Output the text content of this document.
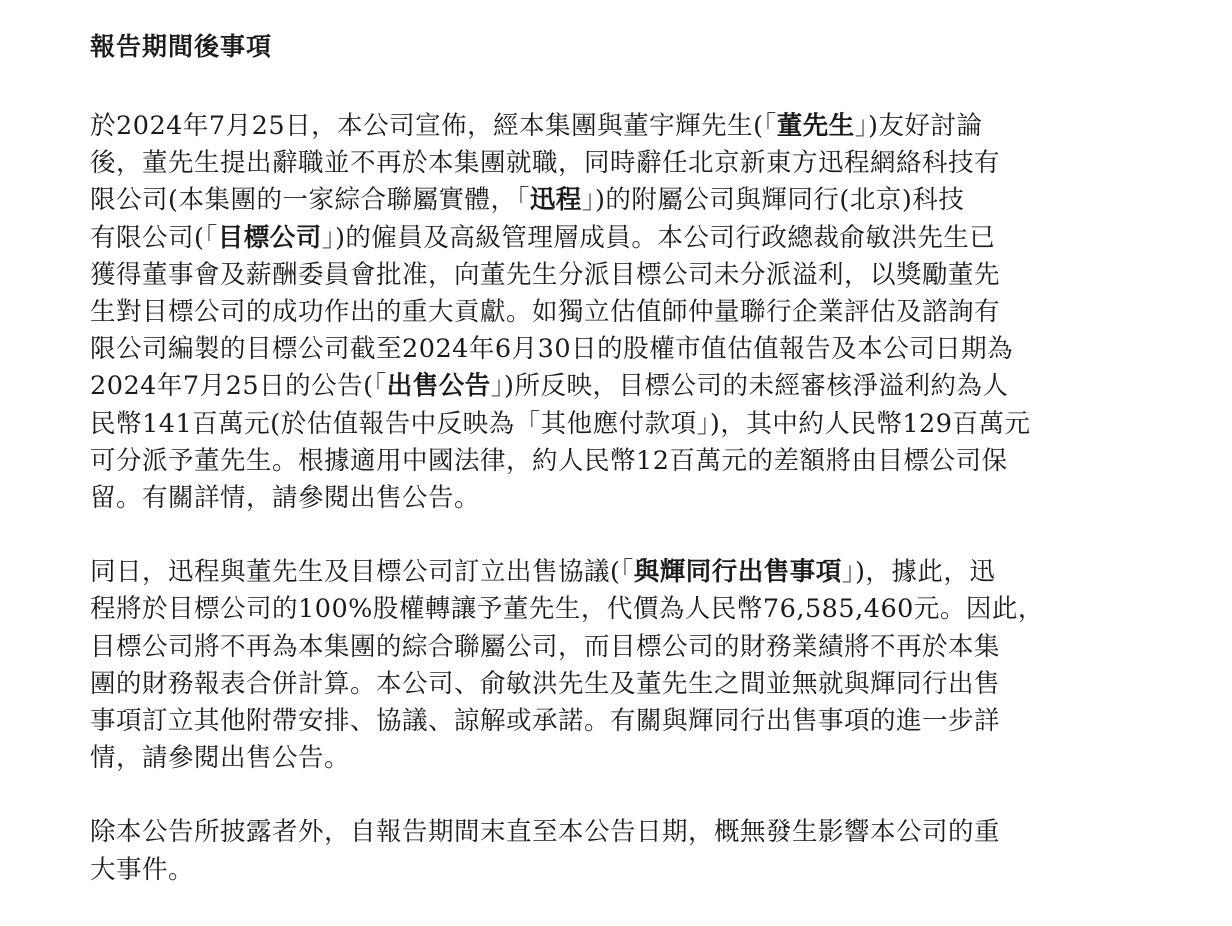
報告期間後事項
於2024年7月25日，本公司宣佈，經本集團與董宇輝先生(「董先生」)友好討論
後，董先生提出辭職並不再於本集團就職，同時辭任北京新東方迅程網絡科技有
限公司(本集團的一家綜合聯屬實體，「迅程」)的附屬公司與輝同行(北京)科技
有限公司(「目標公司」)的僱員及高級管理層成員。本公司行政總裁俞敏洪先生已
獲得董事會及薪酬委員會批准，向董先生分派目標公司未分派溢利，以獎勵董先
生對目標公司的成功作出的重大貢獻。如獨立估值師仲量聯行企業評估及諮詢有
限公司編製的目標公司截至2024年6月30日的股權市值估值報告及本公司日期為
2024年7月25日的公告(「出售公告」)所反映，目標公司的未經審核淨溢利約為人
民幣141百萬元(於估值報告中反映為「其他應付款項」)，其中約人民幣129百萬元
可分派予董先生。根據適用中國法律，約人民幣12百萬元的差額將由目標公司保
留。有關詳情，請參閱出售公告。
同日，迅程與董先生及目標公司訂立出售協議(「與輝同行出售事項」)，據此，迅
程將於目標公司的100%股權轉讓予董先生，代價為人民幣76,585,460元。因此，
目標公司將不再為本集團的綜合聯屬公司，而目標公司的財務業績將不再於本集
團的財務報表合併計算。本公司、俞敏洪先生及董先生之間並無就與輝同行出售
事項訂立其他附帶安排、協議、諒解或承諾。有關與輝同行出售事項的進一步詳
情，請參閱出售公告。
除本公告所披露者外，自報告期間末直至本公告日期，概無發生影響本公司的重
大事件。
